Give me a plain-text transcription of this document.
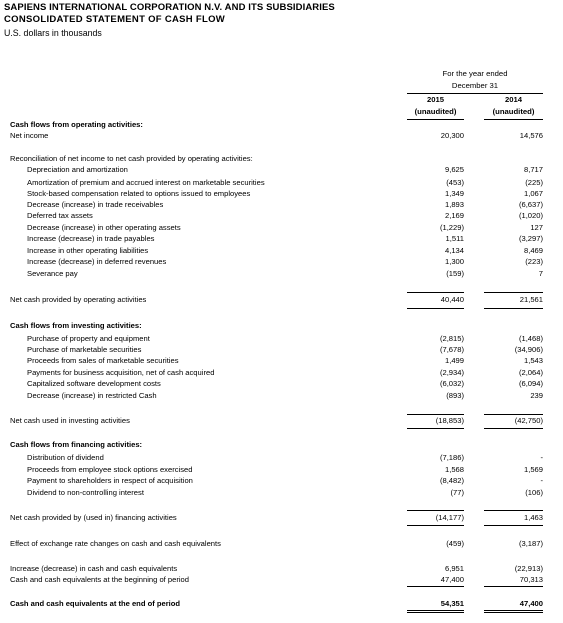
SAPIENS INTERNATIONAL CORPORATION N.V. AND ITS SUBSIDIARIES
CONSOLIDATED STATEMENT OF CASH FLOW
U.S. dollars in thousands
For the year ended
December 31
2015	2014
(unaudited)	(unaudited)
Cash flows from operating activities:
Net income	20,300	14,576
Reconciliation of net income to net cash provided by operating activities:
Depreciation and amortization	9,625	8,717
Amortization of premium and accrued interest on marketable securities	(453)	(225)
Stock-based compensation related to options issued to employees	1,349	1,067
Decrease (increase) in trade receivables	1,893	(6,637)
Deferred tax assets	2,169	(1,020)
Decrease (increase) in other operating assets	(1,229)	127
Increase (decrease) in trade payables	1,511	(3,297)
Increase in other operating liabilities	4,134	8,469
Increase (decrease) in deferred revenues	1,300	(223)
Severance pay	(159)	7
Net cash provided by operating activities	40,440	21,561
Cash flows from investing activities:
Purchase of property and equipment	(2,815)	(1,468)
Purchase of marketable securities	(7,678)	(34,906)
Proceeds from sales of marketable securities	1,499	1,543
Payments for business acquisition, net of cash acquired	(2,934)	(2,064)
Capitalized software development costs	(6,032)	(6,094)
Decrease (increase) in restricted Cash	(893)	239
Net cash used in investing activities	(18,853)	(42,750)
Cash flows from financing activities:
Distribution of dividend	(7,186)	-
Proceeds from employee stock options exercised	1,568	1,569
Payment to shareholders in respect of acquisition	(8,482)	-
Dividend to non-controlling interest	(77)	(106)
Net cash provided by (used in) financing activities	(14,177)	1,463
Effect of exchange rate changes on cash and cash equivalents	(459)	(3,187)
Increase (decrease) in cash and cash equivalents	6,951	(22,913)
Cash and cash equivalents at the beginning of period	47,400	70,313
Cash and cash equivalents at the end of period	54,351	47,400
